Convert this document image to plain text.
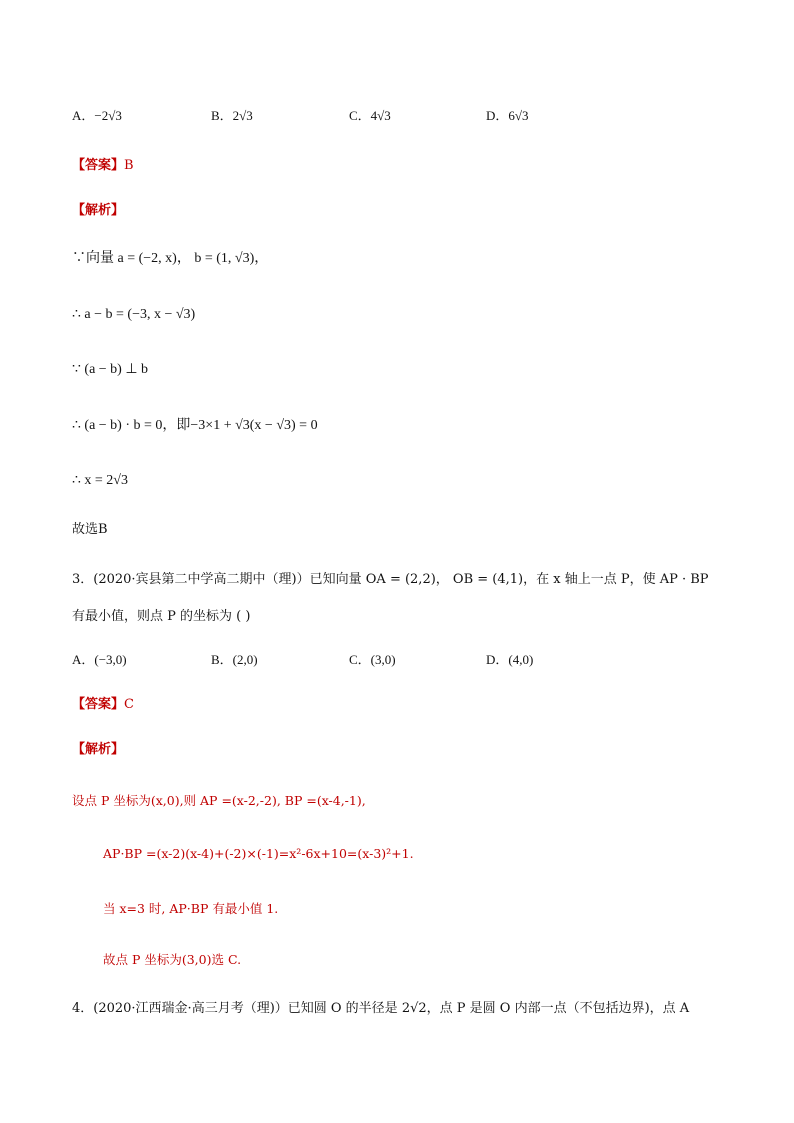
A．−2√3	B．2√3	C．4√3	D．6√3
【答案】B
【解析】
∵向量 a = (−2, x)， b = (1, √3)，
∴ a − b = (−3, x − √3)
∵ (a − b) ⊥ b
∴ (a − b) · b = 0，即−3×1 + √3(x − √3) = 0
∴ x = 2√3
故选B
3．(2020·宾县第二中学高二期中（理)）已知向量 OA = (2,2)， OB = (4,1)，在 x 轴上一点 P，使 AP · BP
有最小值，则点 P 的坐标为 ( )
A．(−3,0)	B．(2,0)	C．(3,0)	D．(4,0)
【答案】C
【解析】
设点 P 坐标为(x,0),则 AP =(x-2,-2), BP =(x-4,-1),
AP·BP =(x-2)(x-4)+(-2)×(-1)=x²-6x+10=(x-3)²+1.
当 x=3 时, AP·BP 有最小值 1.
故点 P 坐标为(3,0)选 C.
4．(2020·江西瑞金·高三月考（理)）已知圆 O 的半径是 2√2，点 P 是圆 O 内部一点（不包括边界)，点 A
